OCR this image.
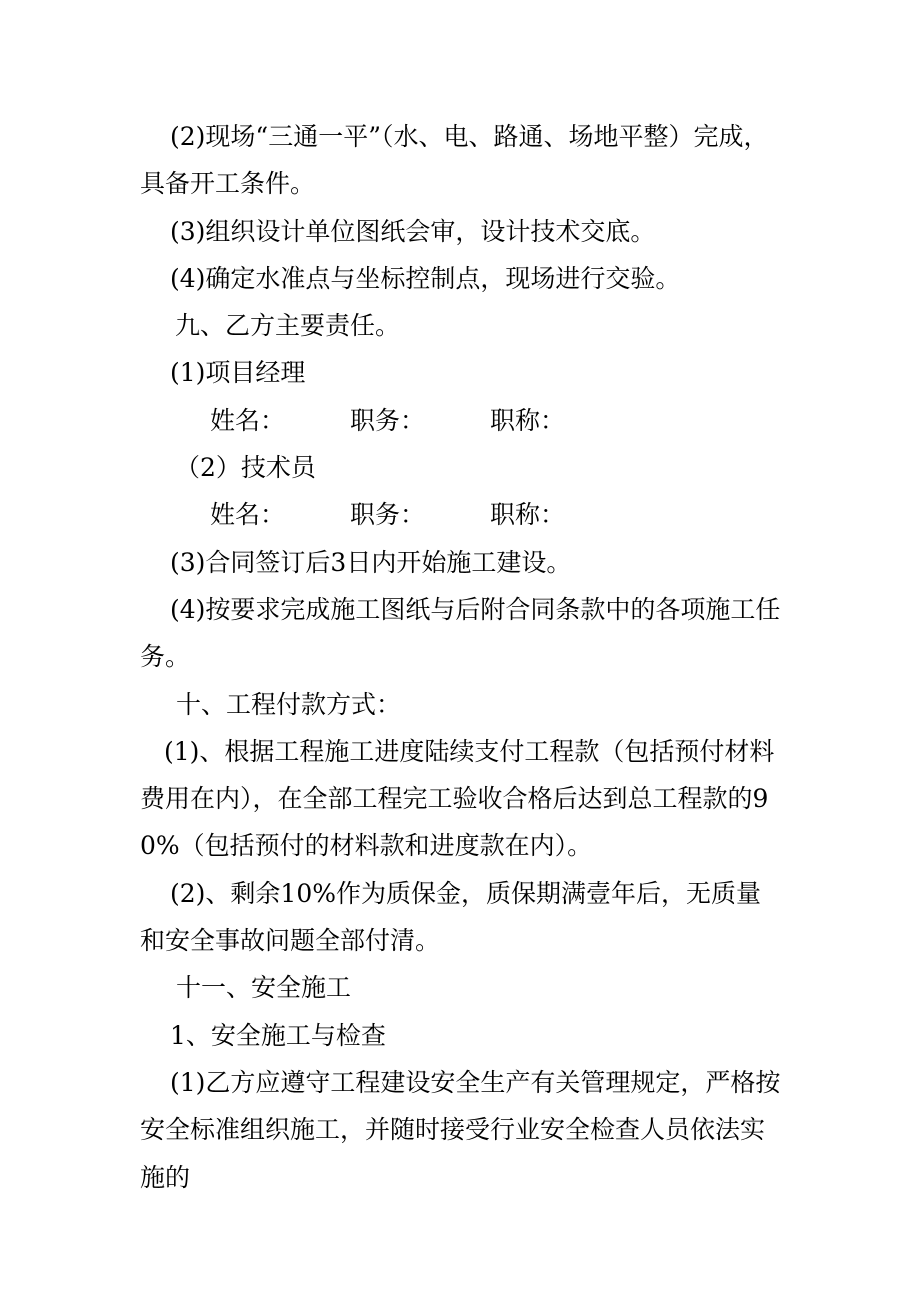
(2)现场“三通一平”（水、电、路通、场地平整）完成，具备开工条件。

(3)组织设计单位图纸会审，设计技术交底。

(4)确定水准点与坐标控制点，现场进行交验。

九、乙方主要责任。

(1)项目经理

姓名：	职务：	职称：

（2）技术员

姓名：	职务：	职称：

(3)合同签订后3日内开始施工建设。

(4)按要求完成施工图纸与后附合同条款中的各项施工任务。

十、工程付款方式：

(1)、根据工程施工进度陆续支付工程款（包括预付材料费用在内），在全部工程完工验收合格后达到总工程款的90%（包括预付的材料款和进度款在内）。

(2)、剩余10%作为质保金，质保期满壹年后，无质量和安全事故问题全部付清。

十一、安全施工

1、安全施工与检查

(1)乙方应遵守工程建设安全生产有关管理规定，严格按安全标准组织施工，并随时接受行业安全检查人员依法实施的
